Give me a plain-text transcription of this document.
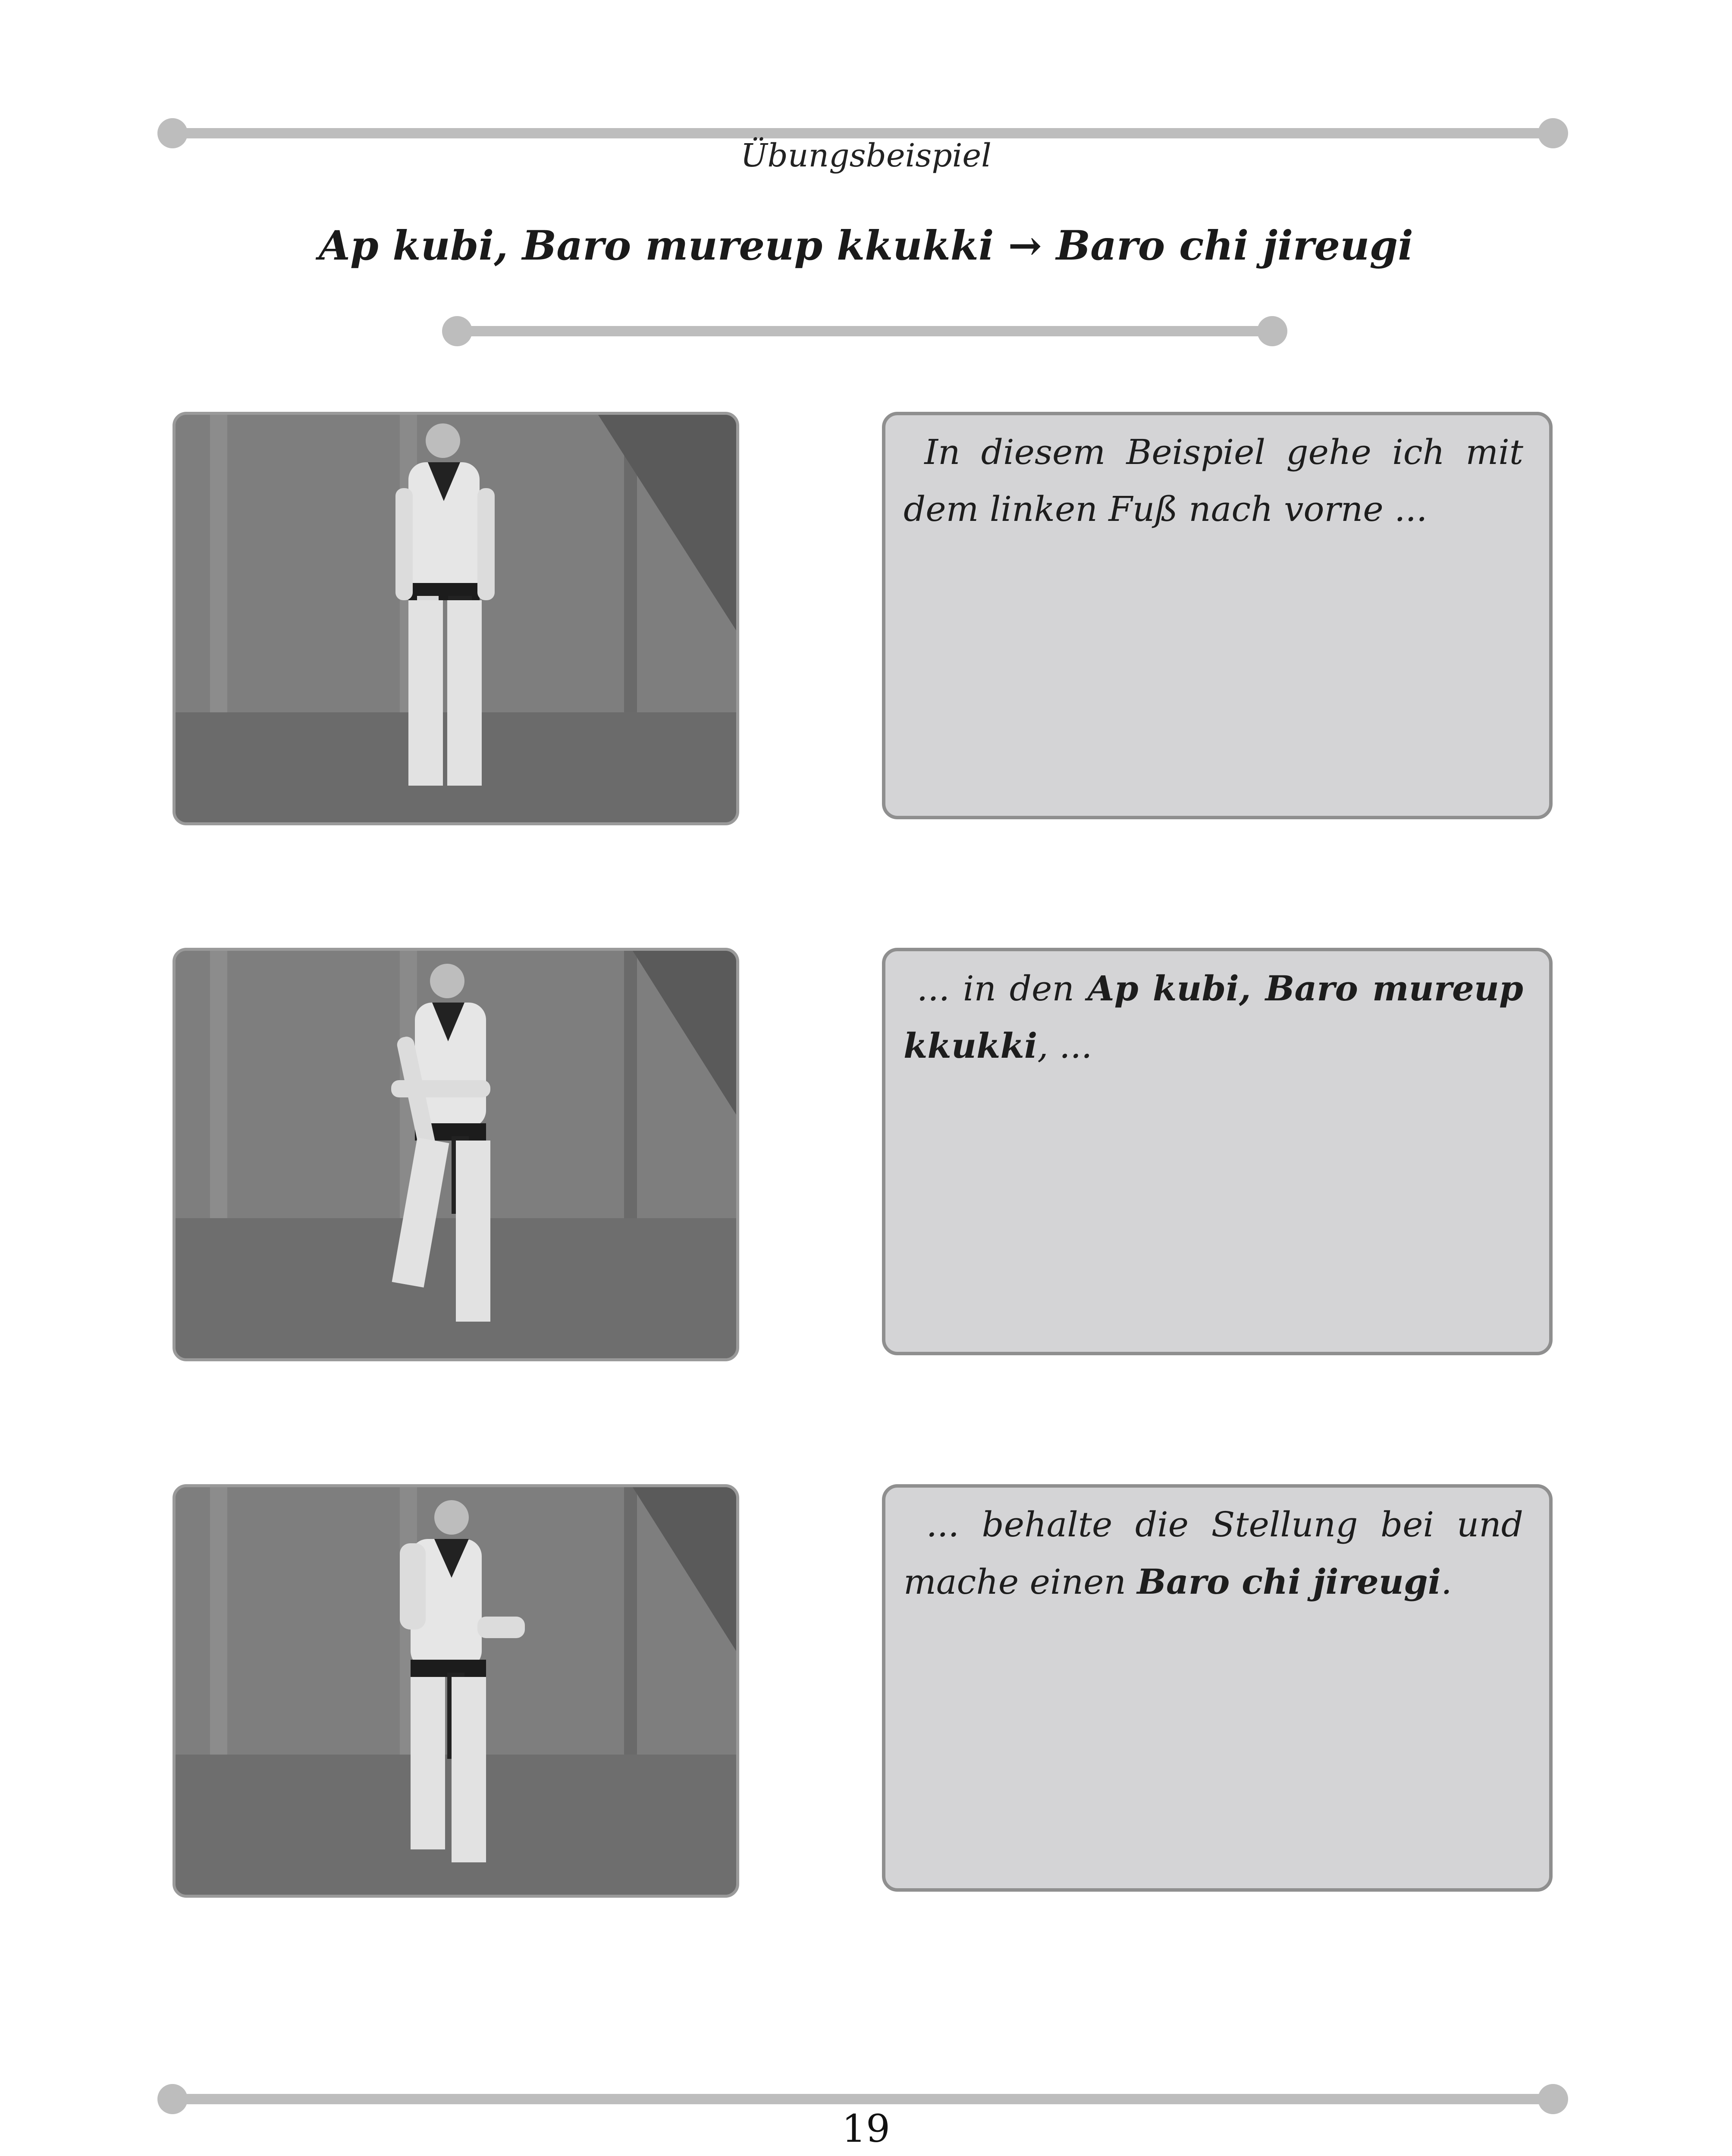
Übungsbeispiel
Ap kubi, Baro mureup kkukki → Baro chi jireugi
In diesem Beispiel gehe ich mit dem linken Fuß nach vorne ...
... in den Ap kubi, Baro mureup kkukki, ...
... behalte die Stellung bei und mache einen Baro chi jireugi.
19
